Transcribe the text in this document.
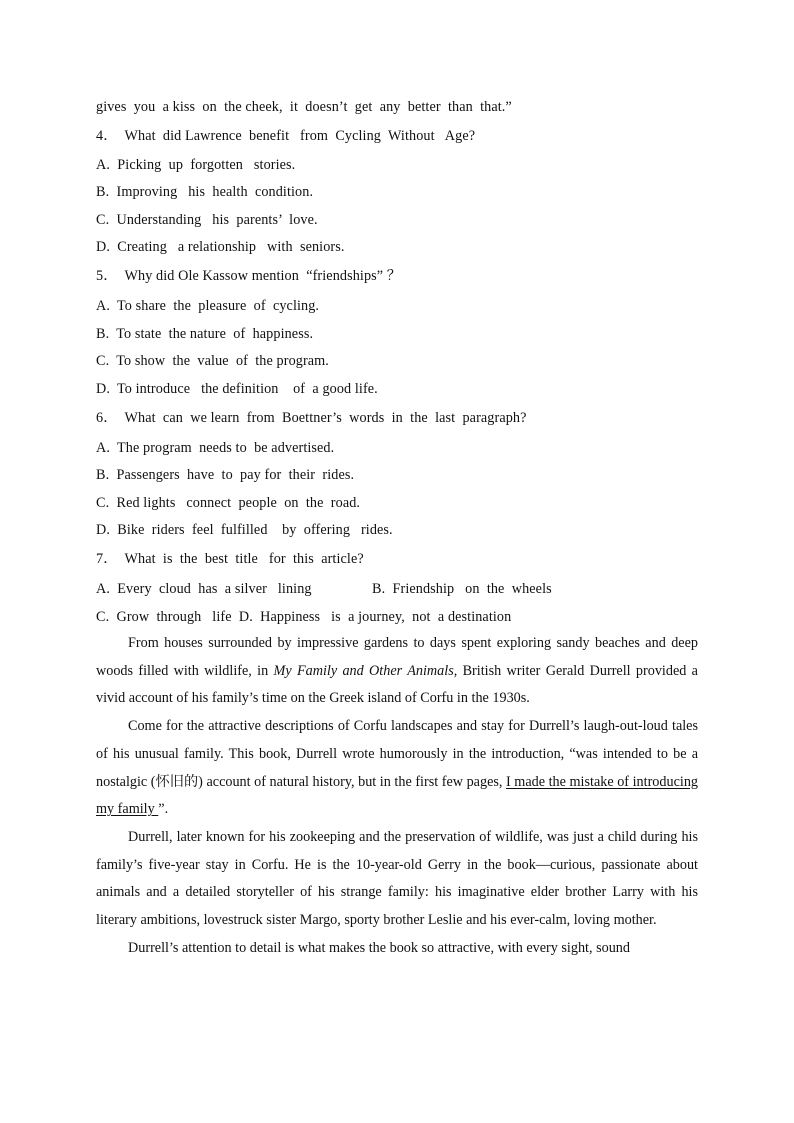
gives  you  a kiss  on  the cheek,  it  doesn’t  get  any  better  than  that.”
4．  What  did Lawrence  benefit   from  Cycling  Without   Age?
A.  Picking  up  forgotten   stories.
B.  Improving   his  health  condition.
C.  Understanding   his  parents’  love.
D.  Creating   a relationship   with  seniors.
5．  Why did Ole Kassow mention  “friendships” ？
A.  To share  the  pleasure  of  cycling.
B.  To state  the nature  of  happiness.
C.  To show  the  value  of  the program.
D.  To introduce   the definition    of  a good life.
6．  What  can  we learn  from  Boettner’s  words  in  the  last  paragraph?
A.  The program  needs to  be advertised.
B.  Passengers  have  to  pay for  their  rides.
C.  Red lights   connect  people  on  the  road.
D.  Bike  riders  feel  fulfilled    by  offering   rides.
7．  What  is  the  best  title   for  this  article?
A.  Every  cloud  has  a silver   lining	B.  Friendship   on  the  wheels
C.  Grow  through   life  D.  Happiness   is  a journey,  not  a destination

From houses surrounded by impressive gardens to days spent exploring sandy beaches and deep woods filled with wildlife, in My Family and Other Animals, British writer Gerald Durrell provided a vivid account of his family’s time on the Greek island of Corfu in the 1930s.

Come for the attractive descriptions of Corfu landscapes and stay for Durrell’s laugh-out-loud tales of his unusual family. This book, Durrell wrote humorously in the introduction, “was intended to be a nostalgic (怀旧的) account of natural history, but in the first few pages, I made the mistake of introducing my family ”.

Durrell, later known for his zookeeping and the preservation of wildlife, was just a child during his family’s five-year stay in Corfu. He is the 10-year-old Gerry in the book—curious, passionate about animals and a detailed storyteller of his strange family: his imaginative elder brother Larry with his literary ambitions, lovestruck sister Margo, sporty brother Leslie and his ever-calm, loving mother.

Durrell’s attention to detail is what makes the book so attractive, with every sight, sound
